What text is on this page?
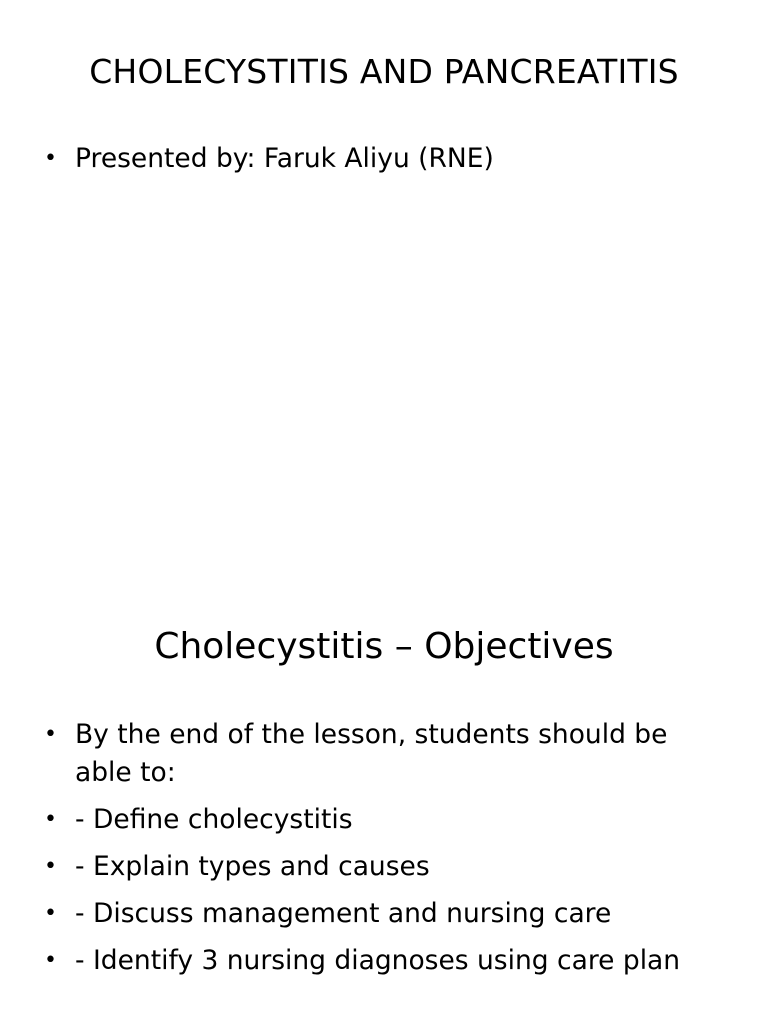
CHOLECYSTITIS AND PANCREATITIS
• Presented by: Faruk Aliyu (RNE)
Cholecystitis – Objectives
• By the end of the lesson, students should be able to:
• - Define cholecystitis
• - Explain types and causes
• - Discuss management and nursing care
• - Identify 3 nursing diagnoses using care plan
